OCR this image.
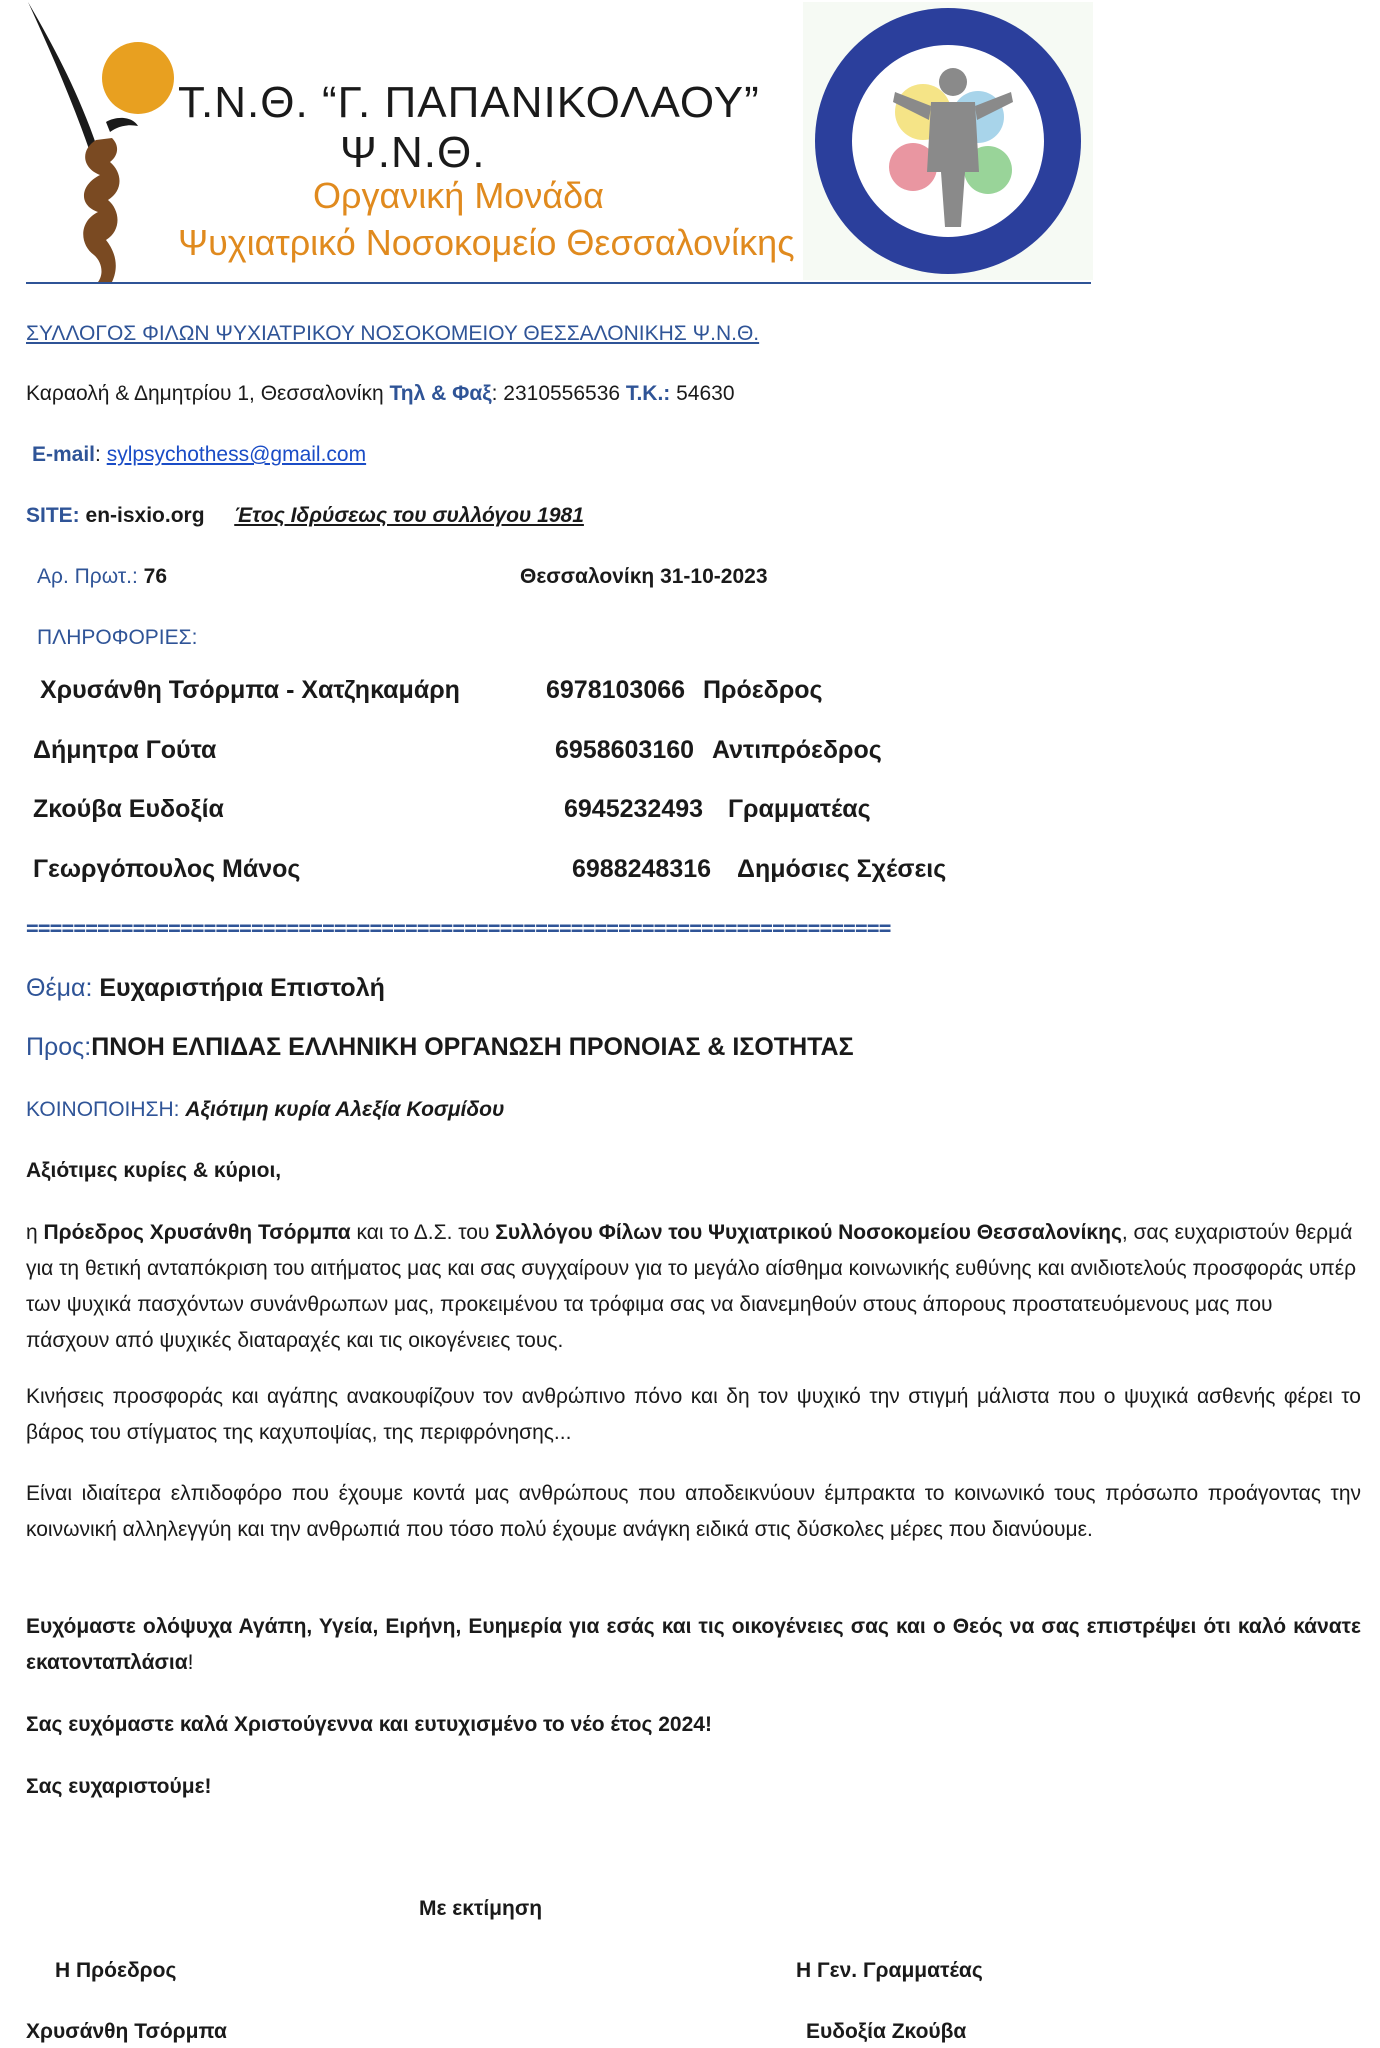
Τ.Ν.Θ. “Γ. ΠΑΠΑΝΙΚΟΛΑΟΥ”
Ψ.Ν.Θ.
Οργανική Μονάδα
Ψυχιατρικό Νοσοκομείο Θεσσαλονίκης
ΣΥΛΛΟΓΟΣ ΦΙΛΩΝ ΨΥΧΙΑΤΡΙΚΟΥ ΝΟΣΟΚΟΜΕΙΟΥ ΘΕΣΣΑΛΟΝΙΚΗΣ Ψ.Ν.Θ.
Καραολή & Δημητρίου 1, Θεσσαλονίκη Τηλ & Φαξ: 2310556536 Τ.Κ.: 54630
E-mail: sylpsychothess@gmail.com
SITE: en-isxio.org Έτος Ιδρύσεως του συλλόγου 1981
Αρ. Πρωτ.: 76	Θεσσαλονίκη 31-10-2023
ΠΛΗΡΟΦΟΡΙΕΣ:
Χρυσάνθη Τσόρμπα - Χατζηκαμάρη	6978103066 Πρόεδρος
Δήμητρα Γούτα	6958603160 Αντιπρόεδρος
Ζκούβα Ευδοξία	6945232493 Γραμματέας
Γεωργόπουλος Μάνος	6988248316 Δημόσιες Σχέσεις
=========================================================================
Θέμα: Ευχαριστήρια Επιστολή
Προς:ΠΝΟΗ ΕΛΠΙΔΑΣ ΕΛΛΗΝΙΚΗ ΟΡΓΑΝΩΣΗ ΠΡΟΝΟΙΑΣ & ΙΣΟΤΗΤΑΣ
ΚΟΙΝΟΠΟΙΗΣΗ: Αξιότιμη κυρία Αλεξία Κοσμίδου
Αξιότιμες κυρίες & κύριοι,
η Πρόεδρος Χρυσάνθη Τσόρμπα και το Δ.Σ. του Συλλόγου Φίλων του Ψυχιατρικού Νοσοκομείου Θεσσαλονίκης, σας ευχαριστούν θερμά για τη θετική ανταπόκριση του αιτήματος μας και σας συγχαίρουν για το μεγάλο αίσθημα κοινωνικής ευθύνης και ανιδιοτελούς προσφοράς υπέρ των ψυχικά πασχόντων συνάνθρωπων μας, προκειμένου τα τρόφιμα σας να διανεμηθούν στους άπορους προστατευόμενους μας που πάσχουν από ψυχικές διαταραχές και τις οικογένειες τους.
Κινήσεις προσφοράς και αγάπης ανακουφίζουν τον ανθρώπινο πόνο και δη τον ψυχικό την στιγμή μάλιστα που ο ψυχικά ασθενής φέρει το βάρος του στίγματος της καχυποψίας, της περιφρόνησης...
Είναι ιδιαίτερα ελπιδοφόρο που έχουμε κοντά μας ανθρώπους που αποδεικνύουν έμπρακτα το κοινωνικό τους πρόσωπο προάγοντας την κοινωνική αλληλεγγύη και την ανθρωπιά που τόσο πολύ έχουμε ανάγκη ειδικά στις δύσκολες μέρες που διανύουμε.
Ευχόμαστε ολόψυχα Αγάπη, Υγεία, Ειρήνη, Ευημερία για εσάς και τις οικογένειες σας και ο Θεός να σας επιστρέψει ότι καλό κάνατε εκατονταπλάσια!
Σας ευχόμαστε καλά Χριστούγεννα και ευτυχισμένο το νέο έτος 2024!
Σας ευχαριστούμε!
Με εκτίμηση
Η Πρόεδρος	Η Γεν. Γραμματέας
Χρυσάνθη Τσόρμπα	Ευδοξία Ζκούβα
